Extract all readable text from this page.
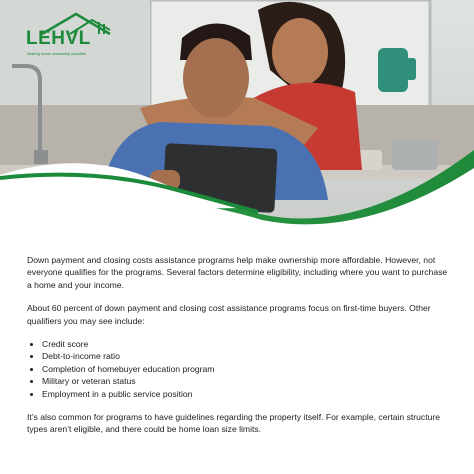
LEHVL
Making home ownership possible

Down payment and closing costs assistance programs help make ownership more affordable. However, not everyone qualifies for the programs. Several factors determine eligibility, including where you want to purchase a home and your income.

About 60 percent of down payment and closing cost assistance programs focus on first-time buyers. Other qualifiers you may see include:

• Credit score
• Debt-to-income ratio
• Completion of homebuyer education program
• Military or veteran status
• Employment in a public service position

It’s also common for programs to have guidelines regarding the property itself. For example, certain structure types aren’t eligible, and there could be home loan size limits.
